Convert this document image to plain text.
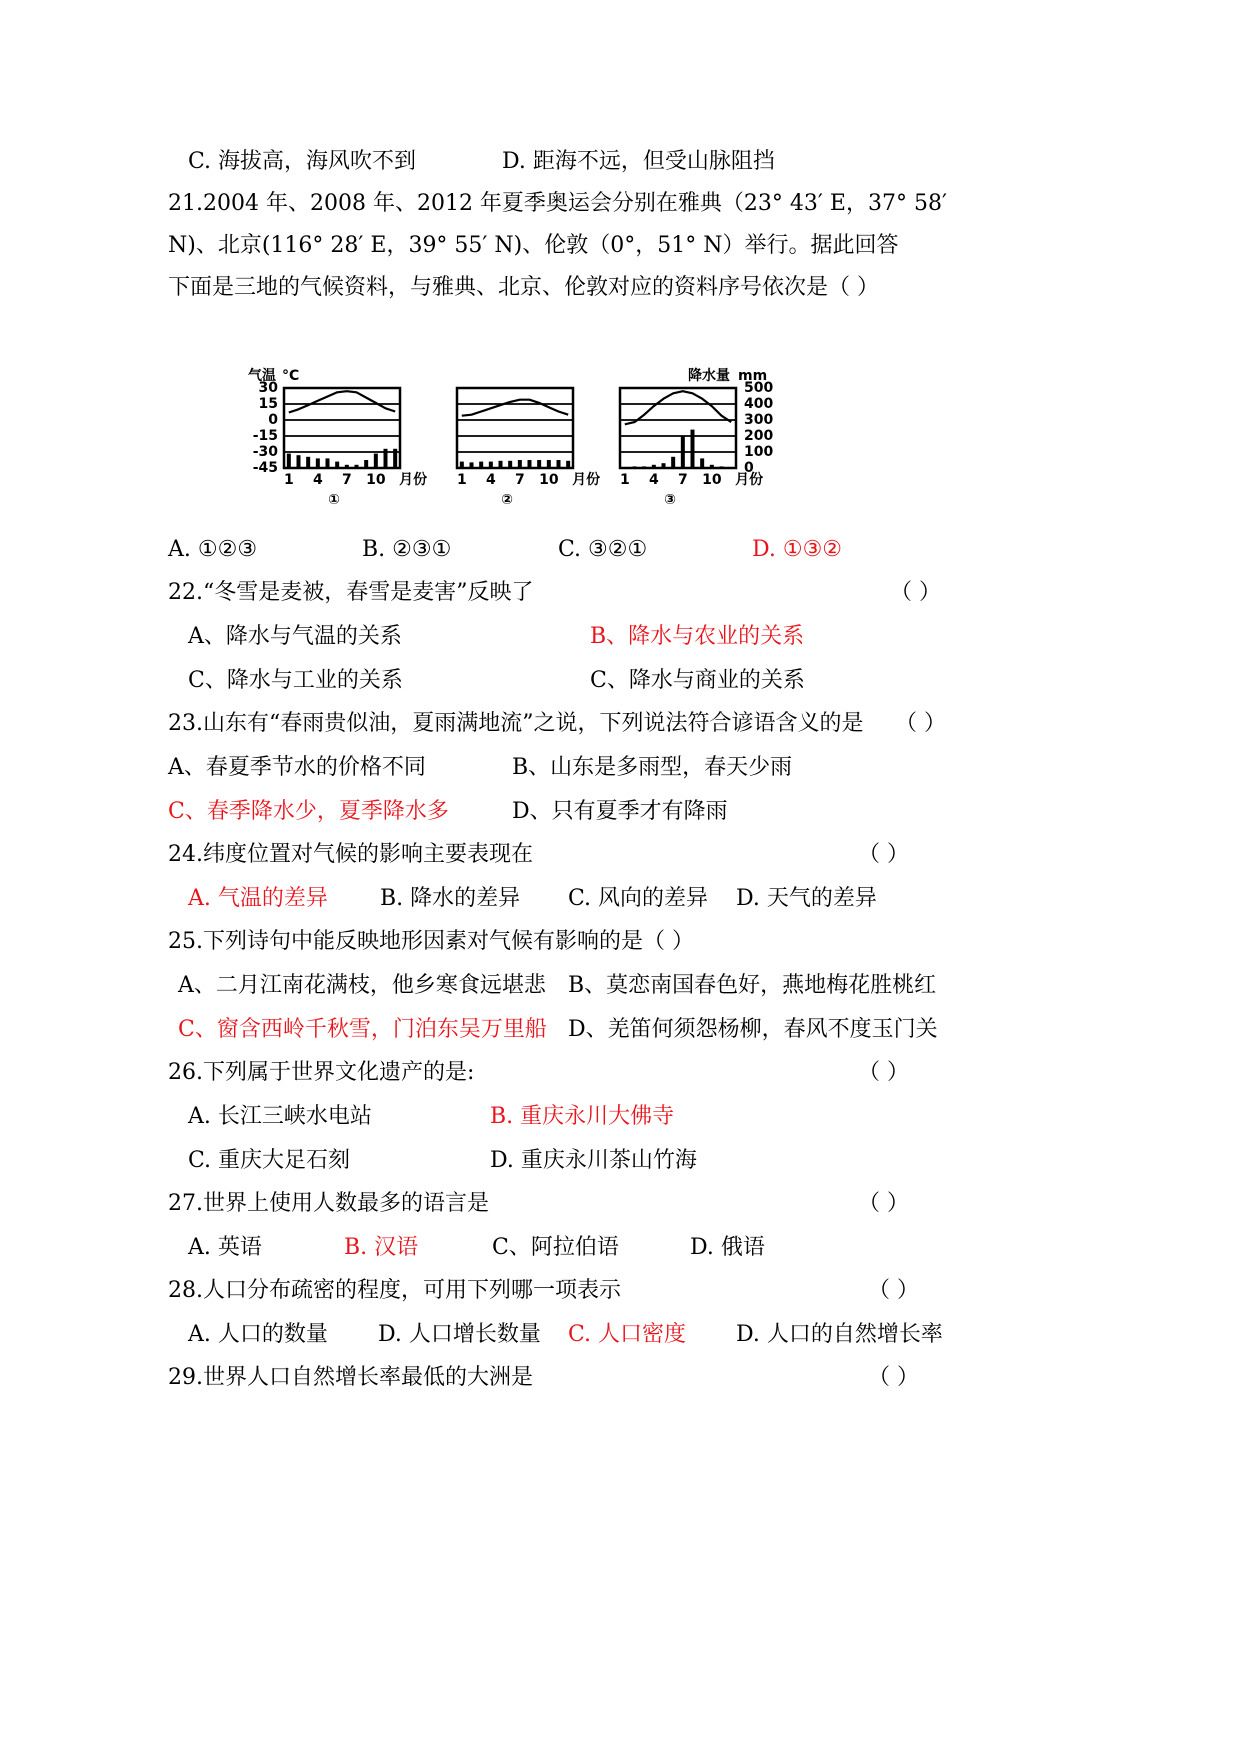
C. 海拔高，海风吹不到	D. 距海不远，但受山脉阻挡
21.2004 年、2008 年、2012 年夏季奥运会分别在雅典（23° 43′ E，37° 58′
N)、北京(116° 28′ E，39° 55′ N)、伦敦（0°，51° N）举行。据此回答
下面是三地的气候资料，与雅典、北京、伦敦对应的资料序号依次是（ ）
气温 °C	降水量 mm
30
15
0
-15
-30
-45
500
400
300
200
100
0
1 4 7 10 月份
①
1 4 7 10 月份
②
1 4 7 10 月份
③
A. ①②③	B. ②③①	C. ③②①	D. ①③②
22.“冬雪是麦被，春雪是麦害”反映了	（ ）
A、降水与气温的关系	B、降水与农业的关系
C、降水与工业的关系	C、降水与商业的关系
23.山东有“春雨贵似油，夏雨满地流”之说，下列说法符合谚语含义的是 （ ）
A、春夏季节水的价格不同	B、山东是多雨型，春天少雨
C、春季降水少，夏季降水多	D、只有夏季才有降雨
24.纬度位置对气候的影响主要表现在	（ ）
A. 气温的差异 B. 降水的差异 C. 风向的差异 D. 天气的差异
25.下列诗句中能反映地形因素对气候有影响的是（ ）
A、二月江南花满枝，他乡寒食远堪悲 B、莫恋南国春色好，燕地梅花胜桃红
C、窗含西岭千秋雪，门泊东吴万里船 D、羌笛何须怨杨柳，春风不度玉门关
26.下列属于世界文化遗产的是:	（ ）
A. 长江三峡水电站	B. 重庆永川大佛寺
C. 重庆大足石刻	D. 重庆永川茶山竹海
27.世界上使用人数最多的语言是	（ ）
A. 英语	B. 汉语	C、阿拉伯语	D. 俄语
28.人口分布疏密的程度，可用下列哪一项表示	（ ）
A. 人口的数量 D. 人口增长数量 C. 人口密度 D. 人口的自然增长率
29.世界人口自然增长率最低的大洲是	（ ）
